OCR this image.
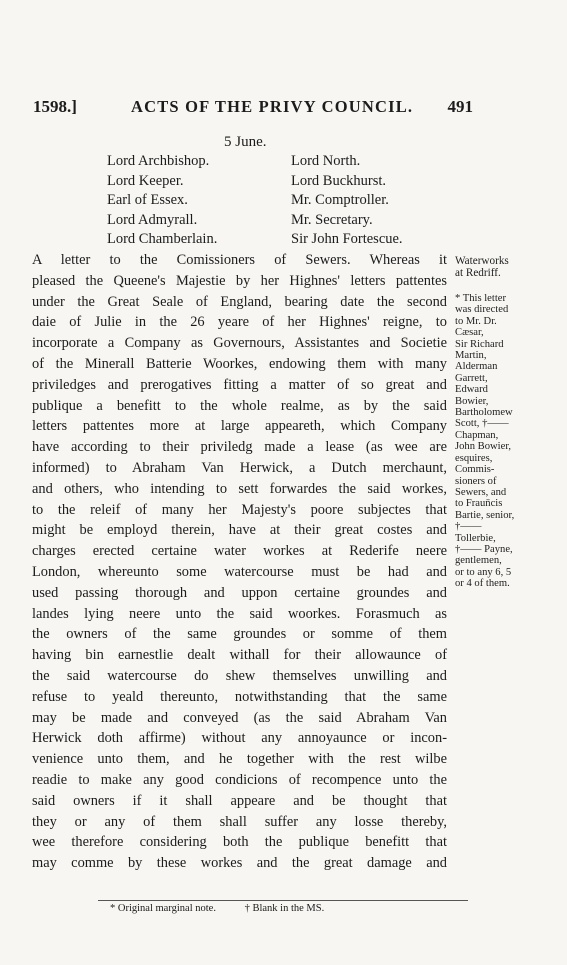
1598.]	ACTS OF THE PRIVY COUNCIL. 491
5 June.
Lord Archbishop.
Lord Keeper.
Earl of Essex.
Lord Admyrall.
Lord Chamberlain.
Lord North.
Lord Buckhurst.
Mr. Comptroller.
Mr. Secretary.
Sir John Fortescue.
A letter to the Comissioners of Sewers. Whereas it
pleased the Queene's Majestie by her Highnes' letters pattentes
under the Great Seale of England, bearing date the second
daie of Julie in the 26 yeare of her Highnes' reigne, to
incorporate a Company as Governours, Assistantes and Societie
of the Minerall Batterie Woorkes, endowing them with many
priviledges and prerogatives fitting a matter of so great and
publique a benefitt to the whole realme, as by the said
letters pattentes more at large appeareth, which Company
have according to their priviledg made a lease (as wee are
informed) to Abraham Van Herwick, a Dutch merchaunt,
and others, who intending to sett forwardes the said workes,
to the releif of many her Majesty's poore subjectes that
might be employd therein, have at their great costes and
charges erected certaine water workes at Rederife neere
London, whereunto some watercourse must be had and
used passing thorough and uppon certaine groundes and
landes lying neere unto the said woorkes. Forasmuch as
the owners of the same groundes or somme of them
having bin earnestlie dealt withall for their allowaunce of
the said watercourse do shew themselves unwilling and
refuse to yeald thereunto, notwithstanding that the same
may be made and conveyed (as the said Abraham Van
Herwick doth affirme) without any annoyaunce or incon-
venience unto them, and he together with the rest wilbe
readie to make any good condicions of recompence unto the
said owners if it shall appeare and be thought that
they or any of them shall suffer any losse thereby,
wee therefore considering both the publique benefitt that
may comme by these workes and the great damage and
Waterworks
at Redriff.
* This letter
was directed
to Mr. Dr.
Cæsar,
Sir Richard
Martin,
Alderman
Garrett,
Edward
Bowier,
Bartholomew
Scott, †——
Chapman,
John Bowier,
esquires,
Commis-
sioners of
Sewers, and
to Fraun̄cis
Bartie, senior,
†——
Tollerbie,
†—— Payne,
gentlemen,
or to any 6, 5
or 4 of them.
* Original marginal note.	† Blank in the MS.
